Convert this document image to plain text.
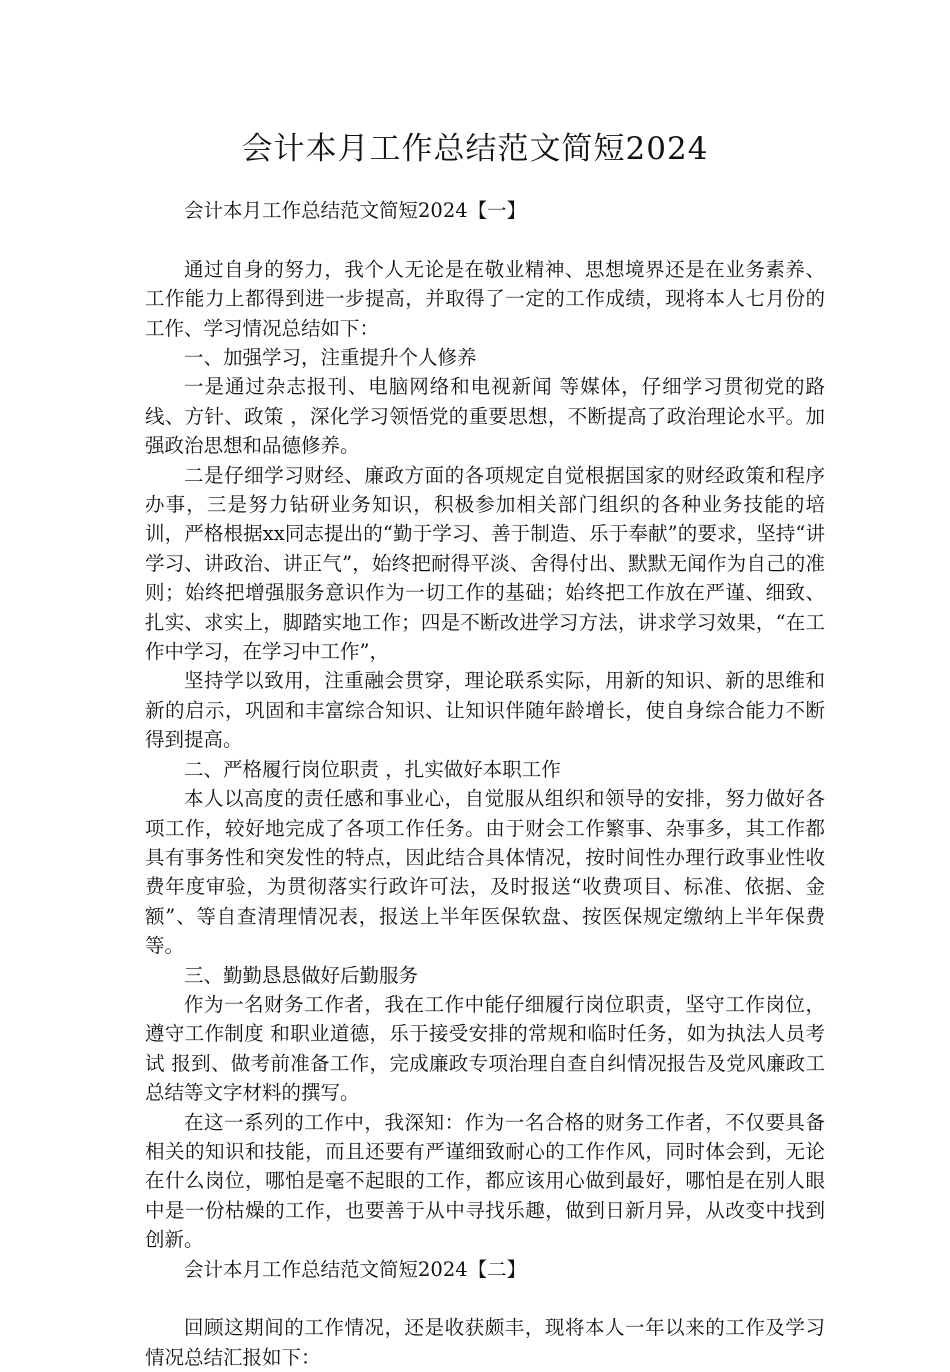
会计本月工作总结范文简短2024

会计本月工作总结范文简短2024【一】

通过自身的努力，我个人无论是在敬业精神、思想境界还是在业务素养、工作能力上都得到进一步提高，并取得了一定的工作成绩，现将本人七月份的工作、学习情况总结如下：

一、加强学习，注重提升个人修养

一是通过杂志报刊、电脑网络和电视新闻 等媒体，仔细学习贯彻党的路线、方针、政策 ，深化学习领悟党的重要思想，不断提高了政治理论水平。加强政治思想和品德修养。

二是仔细学习财经、廉政方面的各项规定自觉根据国家的财经政策和程序办事，三是努力钻研业务知识，积极参加相关部门组织的各种业务技能的培训，严格根据xx同志提出的“勤于学习、善于制造、乐于奉献”的要求，坚持“讲学习、讲政治、讲正气”，始终把耐得平淡、舍得付出、默默无闻作为自己的准则；始终把增强服务意识作为一切工作的基础；始终把工作放在严谨、细致、扎实、求实上，脚踏实地工作；四是不断改进学习方法，讲求学习效果，“在工作中学习，在学习中工作”，

坚持学以致用，注重融会贯穿，理论联系实际，用新的知识、新的思维和新的启示，巩固和丰富综合知识、让知识伴随年龄增长，使自身综合能力不断得到提高。

二、严格履行岗位职责 ，扎实做好本职工作

本人以高度的责任感和事业心，自觉服从组织和领导的安排，努力做好各项工作，较好地完成了各项工作任务。由于财会工作繁事、杂事多，其工作都具有事务性和突发性的特点，因此结合具体情况，按时间性办理行政事业性收费年度审验，为贯彻落实行政许可法，及时报送“收费项目、标准、依据、金额”、等自查清理情况表，报送上半年医保软盘、按医保规定缴纳上半年保费等。

三、勤勤恳恳做好后勤服务

作为一名财务工作者，我在工作中能仔细履行岗位职责，坚守工作岗位，遵守工作制度 和职业道德，乐于接受安排的常规和临时任务，如为执法人员考试 报到、做考前准备工作，完成廉政专项治理自查自纠情况报告及党风廉政工总结等文字材料的撰写。

在这一系列的工作中，我深知：作为一名合格的财务工作者，不仅要具备相关的知识和技能，而且还要有严谨细致耐心的工作作风，同时体会到，无论在什么岗位，哪怕是毫不起眼的工作，都应该用心做到最好，哪怕是在别人眼中是一份枯燥的工作，也要善于从中寻找乐趣，做到日新月异，从改变中找到创新。

会计本月工作总结范文简短2024【二】

回顾这期间的工作情况，还是收获颇丰，现将本人一年以来的工作及学习情况总结汇报如下：
